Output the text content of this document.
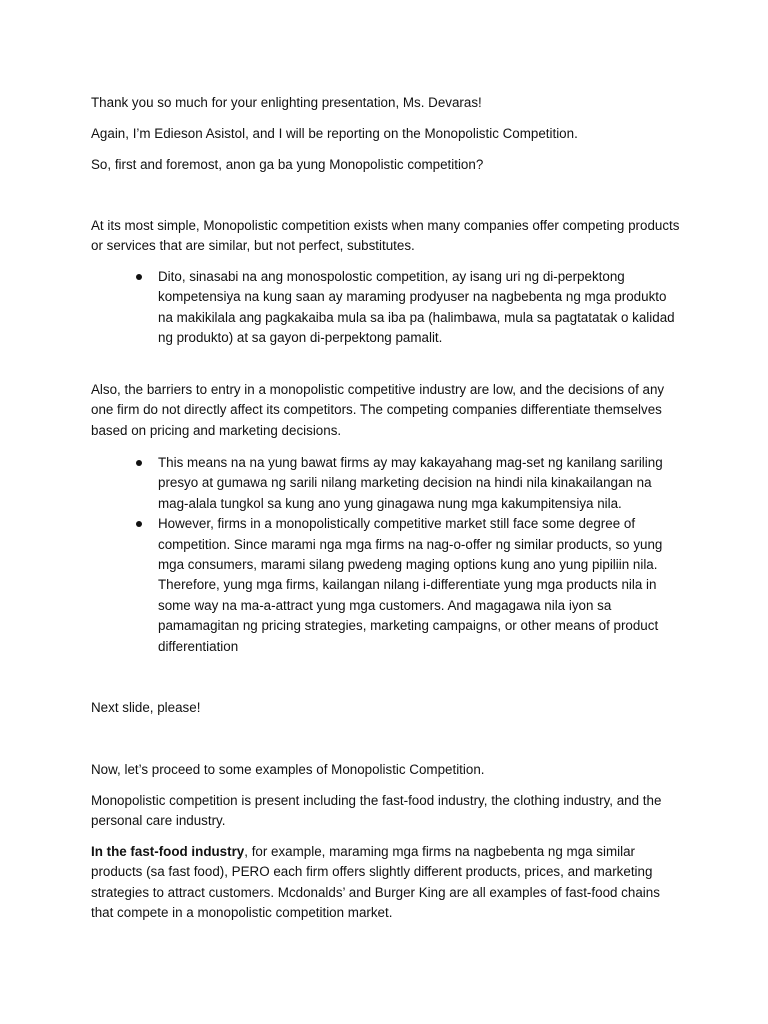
Thank you so much for your enlighting presentation, Ms. Devaras!

Again, I’m Edieson Asistol, and I will be reporting on the Monopolistic Competition.

So, first and foremost, anon ga ba yung Monopolistic competition?

At its most simple, Monopolistic competition exists when many companies offer competing products or services that are similar, but not perfect, substitutes.

Dito, sinasabi na ang monospolostic competition, ay isang uri ng di-perpektong kompetensiya na kung saan ay maraming prodyuser na nagbebenta ng mga produkto na makikilala ang pagkakaiba mula sa iba pa (halimbawa, mula sa pagtatatak o kalidad ng produkto) at sa gayon di-perpektong pamalit.

Also, the barriers to entry in a monopolistic competitive industry are low, and the decisions of any one firm do not directly affect its competitors. The competing companies differentiate themselves based on pricing and marketing decisions.

This means na na yung bawat firms ay may kakayahang mag-set ng kanilang sariling presyo at gumawa ng sarili nilang marketing decision na hindi nila kinakailangan na mag-alala tungkol sa kung ano yung ginagawa nung mga kakumpitensiya nila.
However, firms in a monopolistically competitive market still face some degree of competition. Since marami nga mga firms na nag-o-offer ng similar products, so yung mga consumers, marami silang pwedeng maging options kung ano yung pipiliin nila. Therefore, yung mga firms, kailangan nilang i-differentiate yung mga products nila in some way na ma-a-attract yung mga customers. And magagawa nila iyon sa pamamagitan ng pricing strategies, marketing campaigns, or other means of product differentiation

Next slide, please!

Now, let’s proceed to some examples of Monopolistic Competition.

Monopolistic competition is present including the fast-food industry, the clothing industry, and the personal care industry.

In the fast-food industry, for example, maraming mga firms na nagbebenta ng mga similar products (sa fast food), PERO each firm offers slightly different products, prices, and marketing strategies to attract customers. Mcdonalds’ and Burger King are all examples of fast-food chains that compete in a monopolistic competition market.
